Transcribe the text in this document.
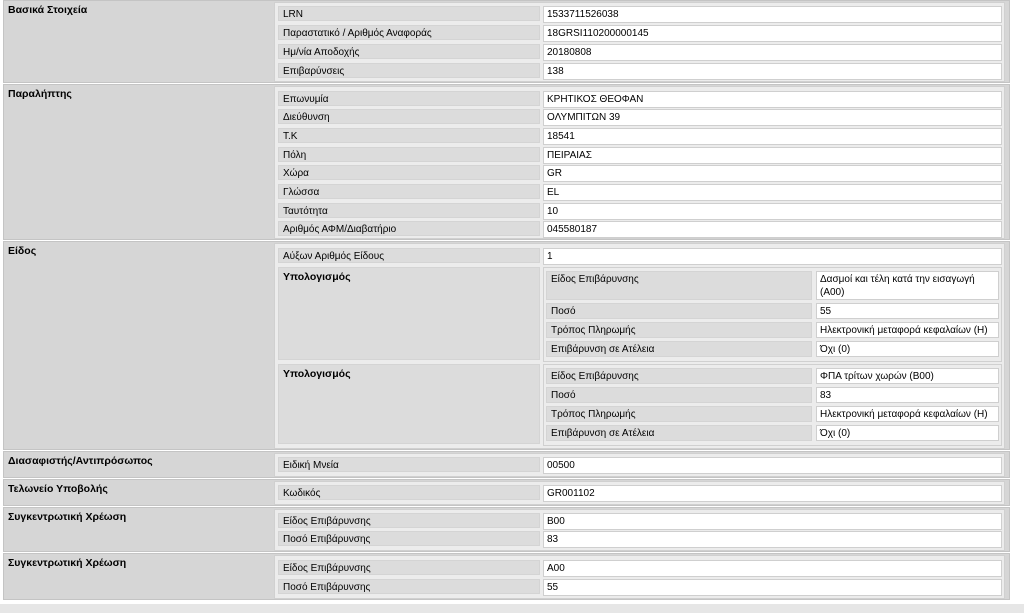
Βασικά Στοιχεία	LRN	1533711526038
Παραστατικό / Αριθμός Αναφοράς	18GRSI110200000145
Ημ/νία Αποδοχής	20180808
Επιβαρύνσεις	138
Παραλήπτης	Επωνυμία	ΚΡΗΤΙΚΟΣ ΘΕΟΦΑΝ
Διεύθυνση	ΟΛΥΜΠΙΤΩΝ 39
Τ.Κ	18541
Πόλη	ΠΕΙΡΑΙΑΣ
Χώρα	GR
Γλώσσα	EL
Ταυτότητα	10
Αριθμός ΑΦΜ/Διαβατήριο	045580187
Είδος	Αύξων Αριθμός Είδους	1
Υπολογισμός	Είδος Επιβάρυνσης	Δασμοί και τέλη κατά την εισαγωγή (A00)
Ποσό	55
Τρόπος Πληρωμής	Ηλεκτρονική μεταφορά κεφαλαίων (H)
Επιβάρυνση σε Ατέλεια	Όχι (0)
Υπολογισμός	Είδος Επιβάρυνσης	ΦΠΑ τρίτων χωρών (B00)
Ποσό	83
Τρόπος Πληρωμής	Ηλεκτρονική μεταφορά κεφαλαίων (H)
Επιβάρυνση σε Ατέλεια	Όχι (0)
Διασαφιστής/Αντιπρόσωπος	Ειδική Μνεία	00500
Τελωνείο Υποβολής	Κωδικός	GR001102
Συγκεντρωτική Χρέωση	Είδος Επιβάρυνσης	B00
Ποσό Επιβάρυνσης	83
Συγκεντρωτική Χρέωση	Είδος Επιβάρυνσης	A00
Ποσό Επιβάρυνσης	55
